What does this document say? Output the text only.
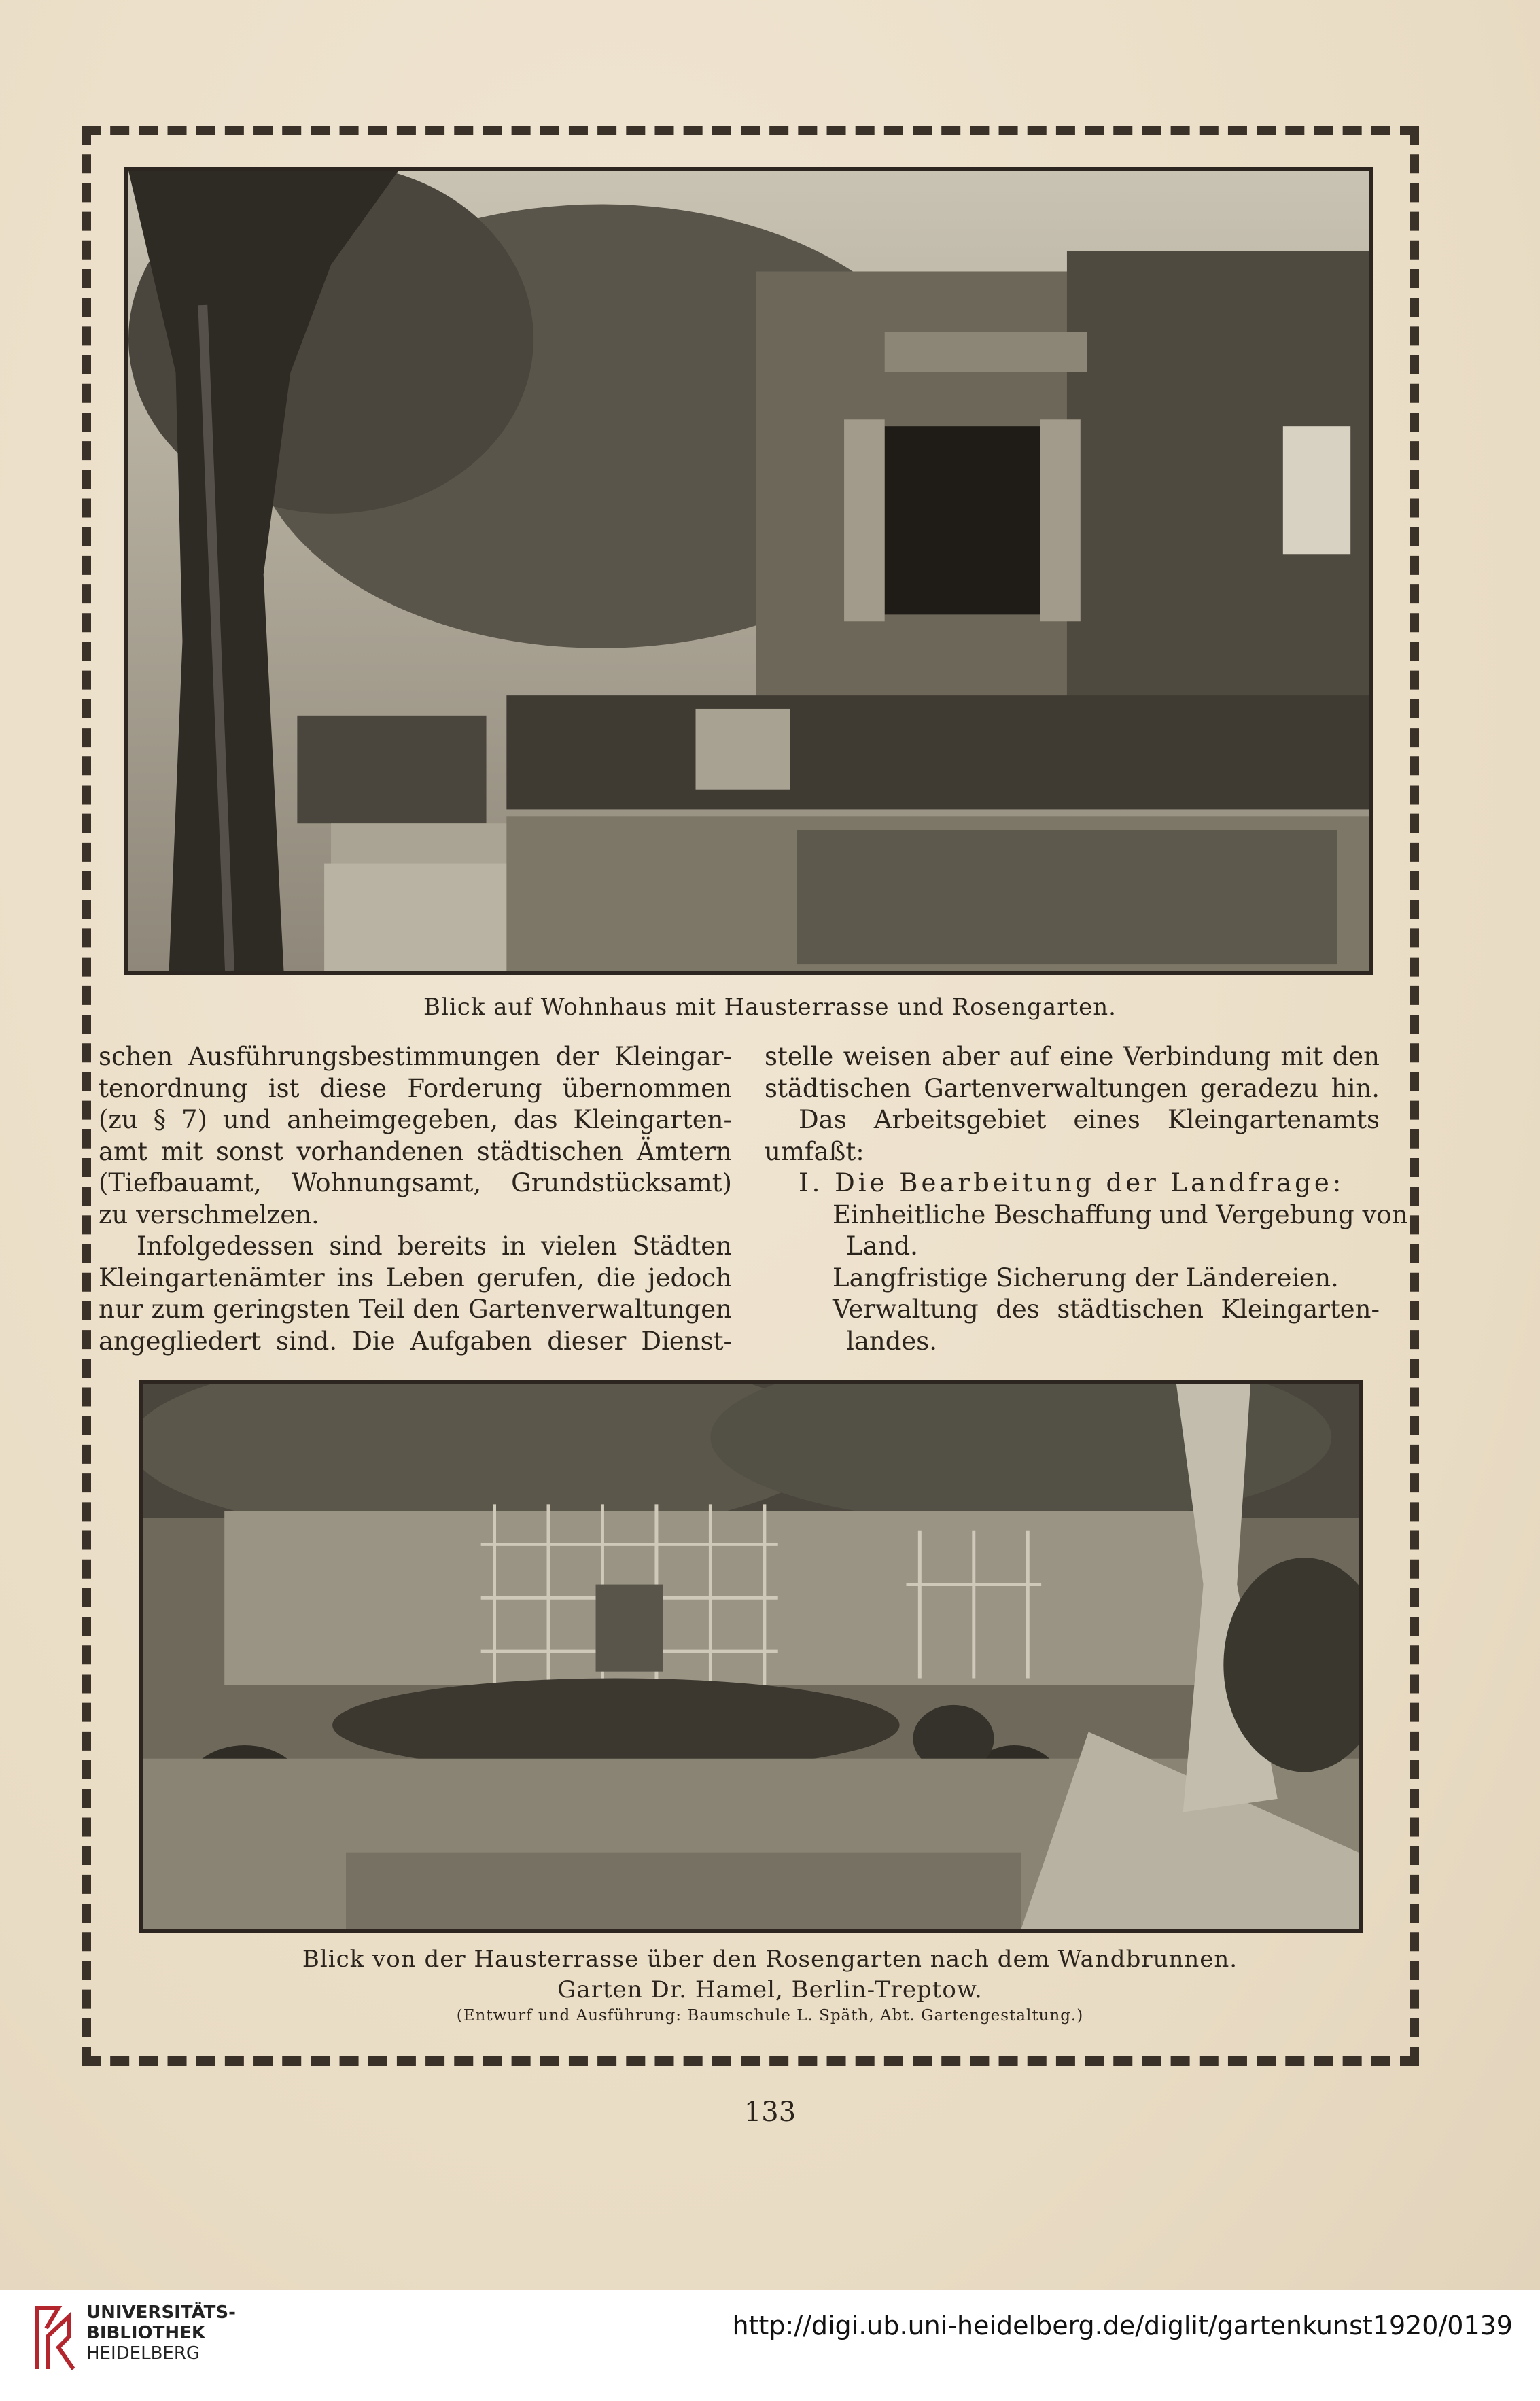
Blick auf Wohnhaus mit Hausterrasse und Rosengarten.

schen Ausführungsbestimmungen der Kleingar-

tenordnung ist diese Forderung übernommen

(zu § 7) und anheimgegeben, das Kleingarten-

amt mit sonst vorhandenen städtischen Ämtern

(Tiefbauamt, Wohnungsamt, Grundstücksamt)

zu verschmelzen.

Infolgedessen sind bereits in vielen Städten

Kleingartenämter ins Leben gerufen, die jedoch

nur zum geringsten Teil den Gartenverwaltungen

angegliedert sind. Die Aufgaben dieser Dienst-

stelle weisen aber auf eine Verbindung mit den

städtischen Gartenverwaltungen geradezu hin.

Das Arbeitsgebiet eines Kleingartenamts

umfaßt:

I. Die Bearbeitung der Landfrage:

Einheitliche Beschaffung und Vergebung von

Land.

Langfristige Sicherung der Ländereien.

Verwaltung des städtischen Kleingarten-

landes.

Blick von der Hausterrasse über den Rosengarten nach dem Wandbrunnen.
Garten Dr. Hamel, Berlin-Treptow.
(Entwurf und Ausführung: Baumschule L. Späth, Abt. Gartengestaltung.)
133
UNIVERSITÄTS-
BIBLIOTHEK
HEIDELBERG
http://digi.ub.uni-heidelberg.de/diglit/gartenkunst1920/0139
